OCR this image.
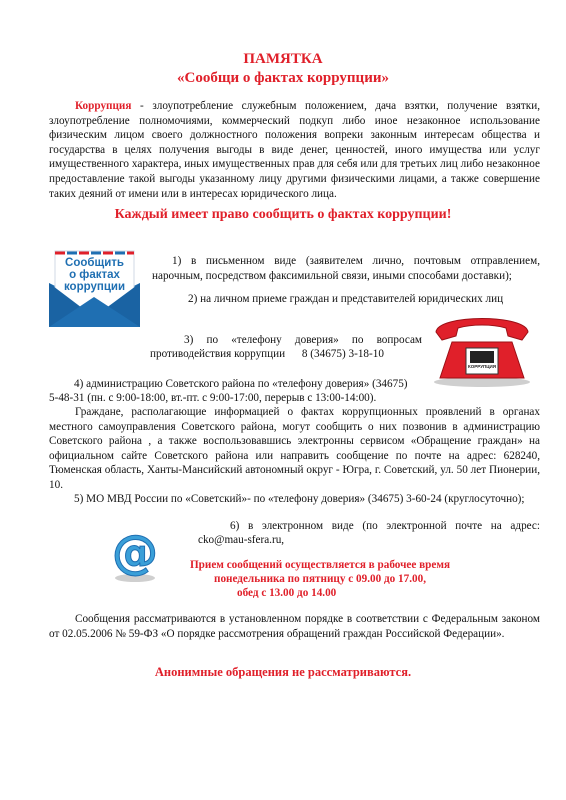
ПАМЯТКА
«Сообщи о фактах коррупции»
Коррупция - злоупотребление служебным положением, дача взятки, получение взятки, злоупотребление полномочиями, коммерческий подкуп либо иное незаконное использование физическим лицом своего должностного положения вопреки законным интересам общества и государства в целях получения выгоды в виде денег, ценностей, иного имущества или услуг имущественного характера, иных имущественных прав для себя или для третьих лиц либо незаконное предоставление такой выгоды указанному лицу другими физическими лицами, а также совершение таких деяний от имени или в интересах юридического лица.
Каждый имеет право сообщить о фактах коррупции!
Сообщить
о фактах
коррупции
1) в письменном виде (заявителем лично, почтовым отправлением, нарочным, посредством факсимильной связи, иными способами доставки);
2) на личном приеме граждан и представителей юридических лиц
3) по «телефону доверия» по вопросам
противодействия коррупции      8 (34675) 3-18-10
КОРРУПЦИЯ
4) администрацию Советского района по «телефону доверия» (34675)
5-48-31 (пн. с 9:00-18:00, вт.-пт. с 9:00-17:00, перерыв с 13:00-14:00).
Граждане, располагающие информацией о фактах коррупционных проявлений в органах местного самоуправления Советского района, могут сообщить о них позвонив в администрацию Советского района , а также воспользовавшись электронны сервисом «Обращение граждан» на официальном сайте Советского района или направить сообщение по почте на адрес: 628240, Тюменская область, Ханты-Мансийский автономный округ - Югра, г. Советский, ул. 50 лет Пионерии, 10.
5) МО МВД России по «Советский»- по «телефону доверия» (34675) 3-60-24 (круглосуточно);
@	6) в электронном виде (по электронной почте на адрес:
cko@mau-sfera.ru,
Прием сообщений осуществляется в рабочее время
понедельника по пятницу с 09.00 до 17.00,
обед с 13.00 до 14.00
Сообщения рассматриваются в установленном порядке в соответствии с Федеральным законом от 02.05.2006 № 59-ФЗ «О порядке рассмотрения обращений граждан Российской Федерации».
Анонимные обращения не рассматриваются.
